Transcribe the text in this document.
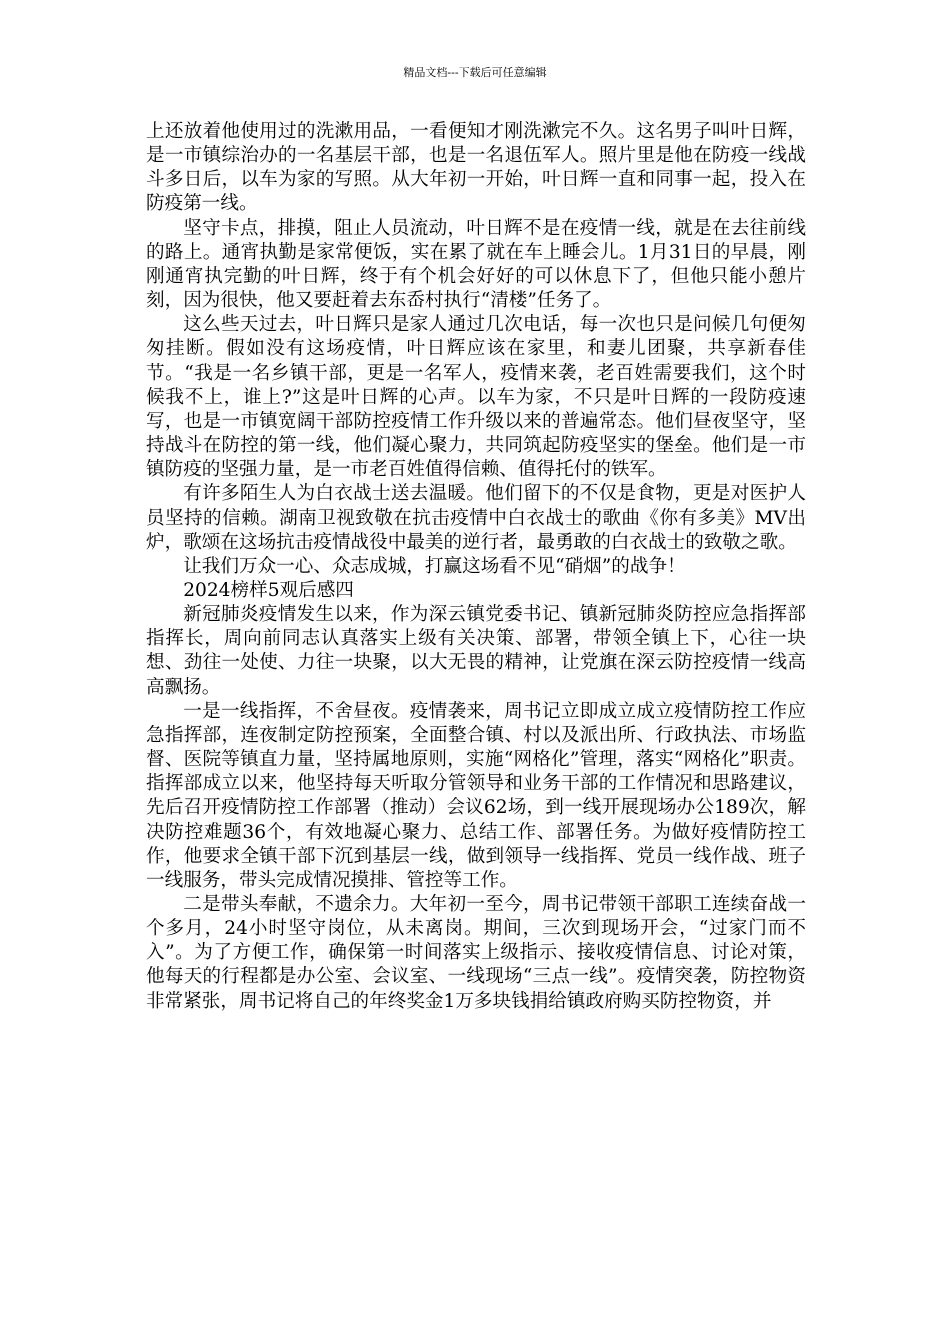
精品文档---下载后可任意编辑

上还放着他使用过的洗漱用品，一看便知才刚洗漱完不久。这名男子叫叶日辉，是一市镇综治办的一名基层干部，也是一名退伍军人。照片里是他在防疫一线战斗多日后，以车为家的写照。从大年初一开始，叶日辉一直和同事一起，投入在防疫第一线。

坚守卡点，排摸，阻止人员流动，叶日辉不是在疫情一线，就是在去往前线的路上。通宵执勤是家常便饭，实在累了就在车上睡会儿。1月31日的早晨，刚刚通宵执完勤的叶日辉，终于有个机会好好的可以休息下了，但他只能小憩片刻，因为很快，他又要赶着去东岙村执行“清楼”任务了。

这么些天过去，叶日辉只是家人通过几次电话，每一次也只是问候几句便匆匆挂断。假如没有这场疫情，叶日辉应该在家里，和妻儿团聚，共享新春佳节。“我是一名乡镇干部，更是一名军人，疫情来袭，老百姓需要我们，这个时候我不上，谁上?”这是叶日辉的心声。以车为家，不只是叶日辉的一段防疫速写，也是一市镇宽阔干部防控疫情工作升级以来的普遍常态。他们昼夜坚守，坚持战斗在防控的第一线，他们凝心聚力，共同筑起防疫坚实的堡垒。他们是一市镇防疫的坚强力量，是一市老百姓值得信赖、值得托付的铁军。

有许多陌生人为白衣战士送去温暖。他们留下的不仅是食物，更是对医护人员坚持的信赖。湖南卫视致敬在抗击疫情中白衣战士的歌曲《你有多美》MV出炉，歌颂在这场抗击疫情战役中最美的逆行者，最勇敢的白衣战士的致敬之歌。

让我们万众一心、众志成城，打赢这场看不见“硝烟”的战争！

2024榜样5观后感四

新冠肺炎疫情发生以来，作为深云镇党委书记、镇新冠肺炎防控应急指挥部指挥长，周向前同志认真落实上级有关决策、部署，带领全镇上下，心往一块想、劲往一处使、力往一块聚，以大无畏的精神，让党旗在深云防控疫情一线高高飘扬。

一是一线指挥，不舍昼夜。疫情袭来，周书记立即成立成立疫情防控工作应急指挥部，连夜制定防控预案，全面整合镇、村以及派出所、行政执法、市场监督、医院等镇直力量，坚持属地原则，实施“网格化”管理，落实“网格化”职责。指挥部成立以来，他坚持每天听取分管领导和业务干部的工作情况和思路建议，先后召开疫情防控工作部署（推动）会议62场，到一线开展现场办公189次，解决防控难题36个，有效地凝心聚力、总结工作、部署任务。为做好疫情防控工作，他要求全镇干部下沉到基层一线，做到领导一线指挥、党员一线作战、班子一线服务，带头完成情况摸排、管控等工作。

二是带头奉献，不遗余力。大年初一至今，周书记带领干部职工连续奋战一个多月，24小时坚守岗位，从未离岗。期间，三次到现场开会，“过家门而不入”。为了方便工作，确保第一时间落实上级指示、接收疫情信息、讨论对策，他每天的行程都是办公室、会议室、一线现场“三点一线”。疫情突袭，防控物资非常紧张，周书记将自己的年终奖金1万多块钱捐给镇政府购买防控物资，并
